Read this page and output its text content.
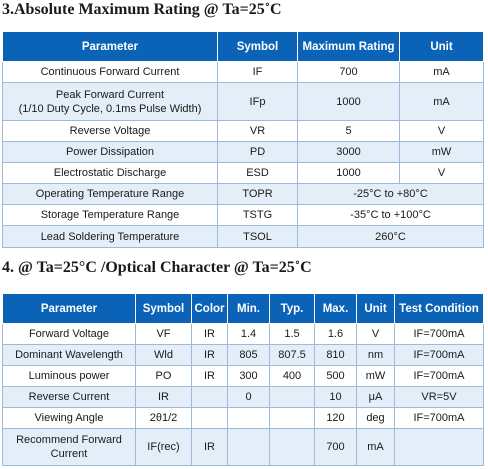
3.Absolute Maximum Rating @ Ta=25˚C
Parameter	Symbol	Maximum Rating	Unit
Continuous Forward Current	IF	700	mA
Peak Forward Current
(1/10 Duty Cycle, 0.1ms Pulse Width)	IFp	1000	mA
Reverse Voltage	VR	5	V
Power Dissipation	PD	3000	mW
Electrostatic Discharge	ESD	1000	V
Operating Temperature Range	TOPR	-25°C to +80°C	
Storage Temperature Range	TSTG	-35°C to +100°C	
Lead Soldering Temperature	TSOL	260°C	
4. @ Ta=25°C /Optical Character @ Ta=25˚C
Parameter	Symbol	Color	Min.	Typ.	Max.	Unit	Test Condition
Forward Voltage	VF	IR	1.4	1.5	1.6	V	IF=700mA
Dominant Wavelength	Wld	IR	805	807.5	810	nm	IF=700mA
Luminous power	PO	IR	300	400	500	mW	IF=700mA
Reverse Current	IR		0		10	μA	VR=5V
Viewing Angle	2θ1/2				120	deg	IF=700mA
Recommend Forward
Current	IF(rec)	IR			700	mA	
